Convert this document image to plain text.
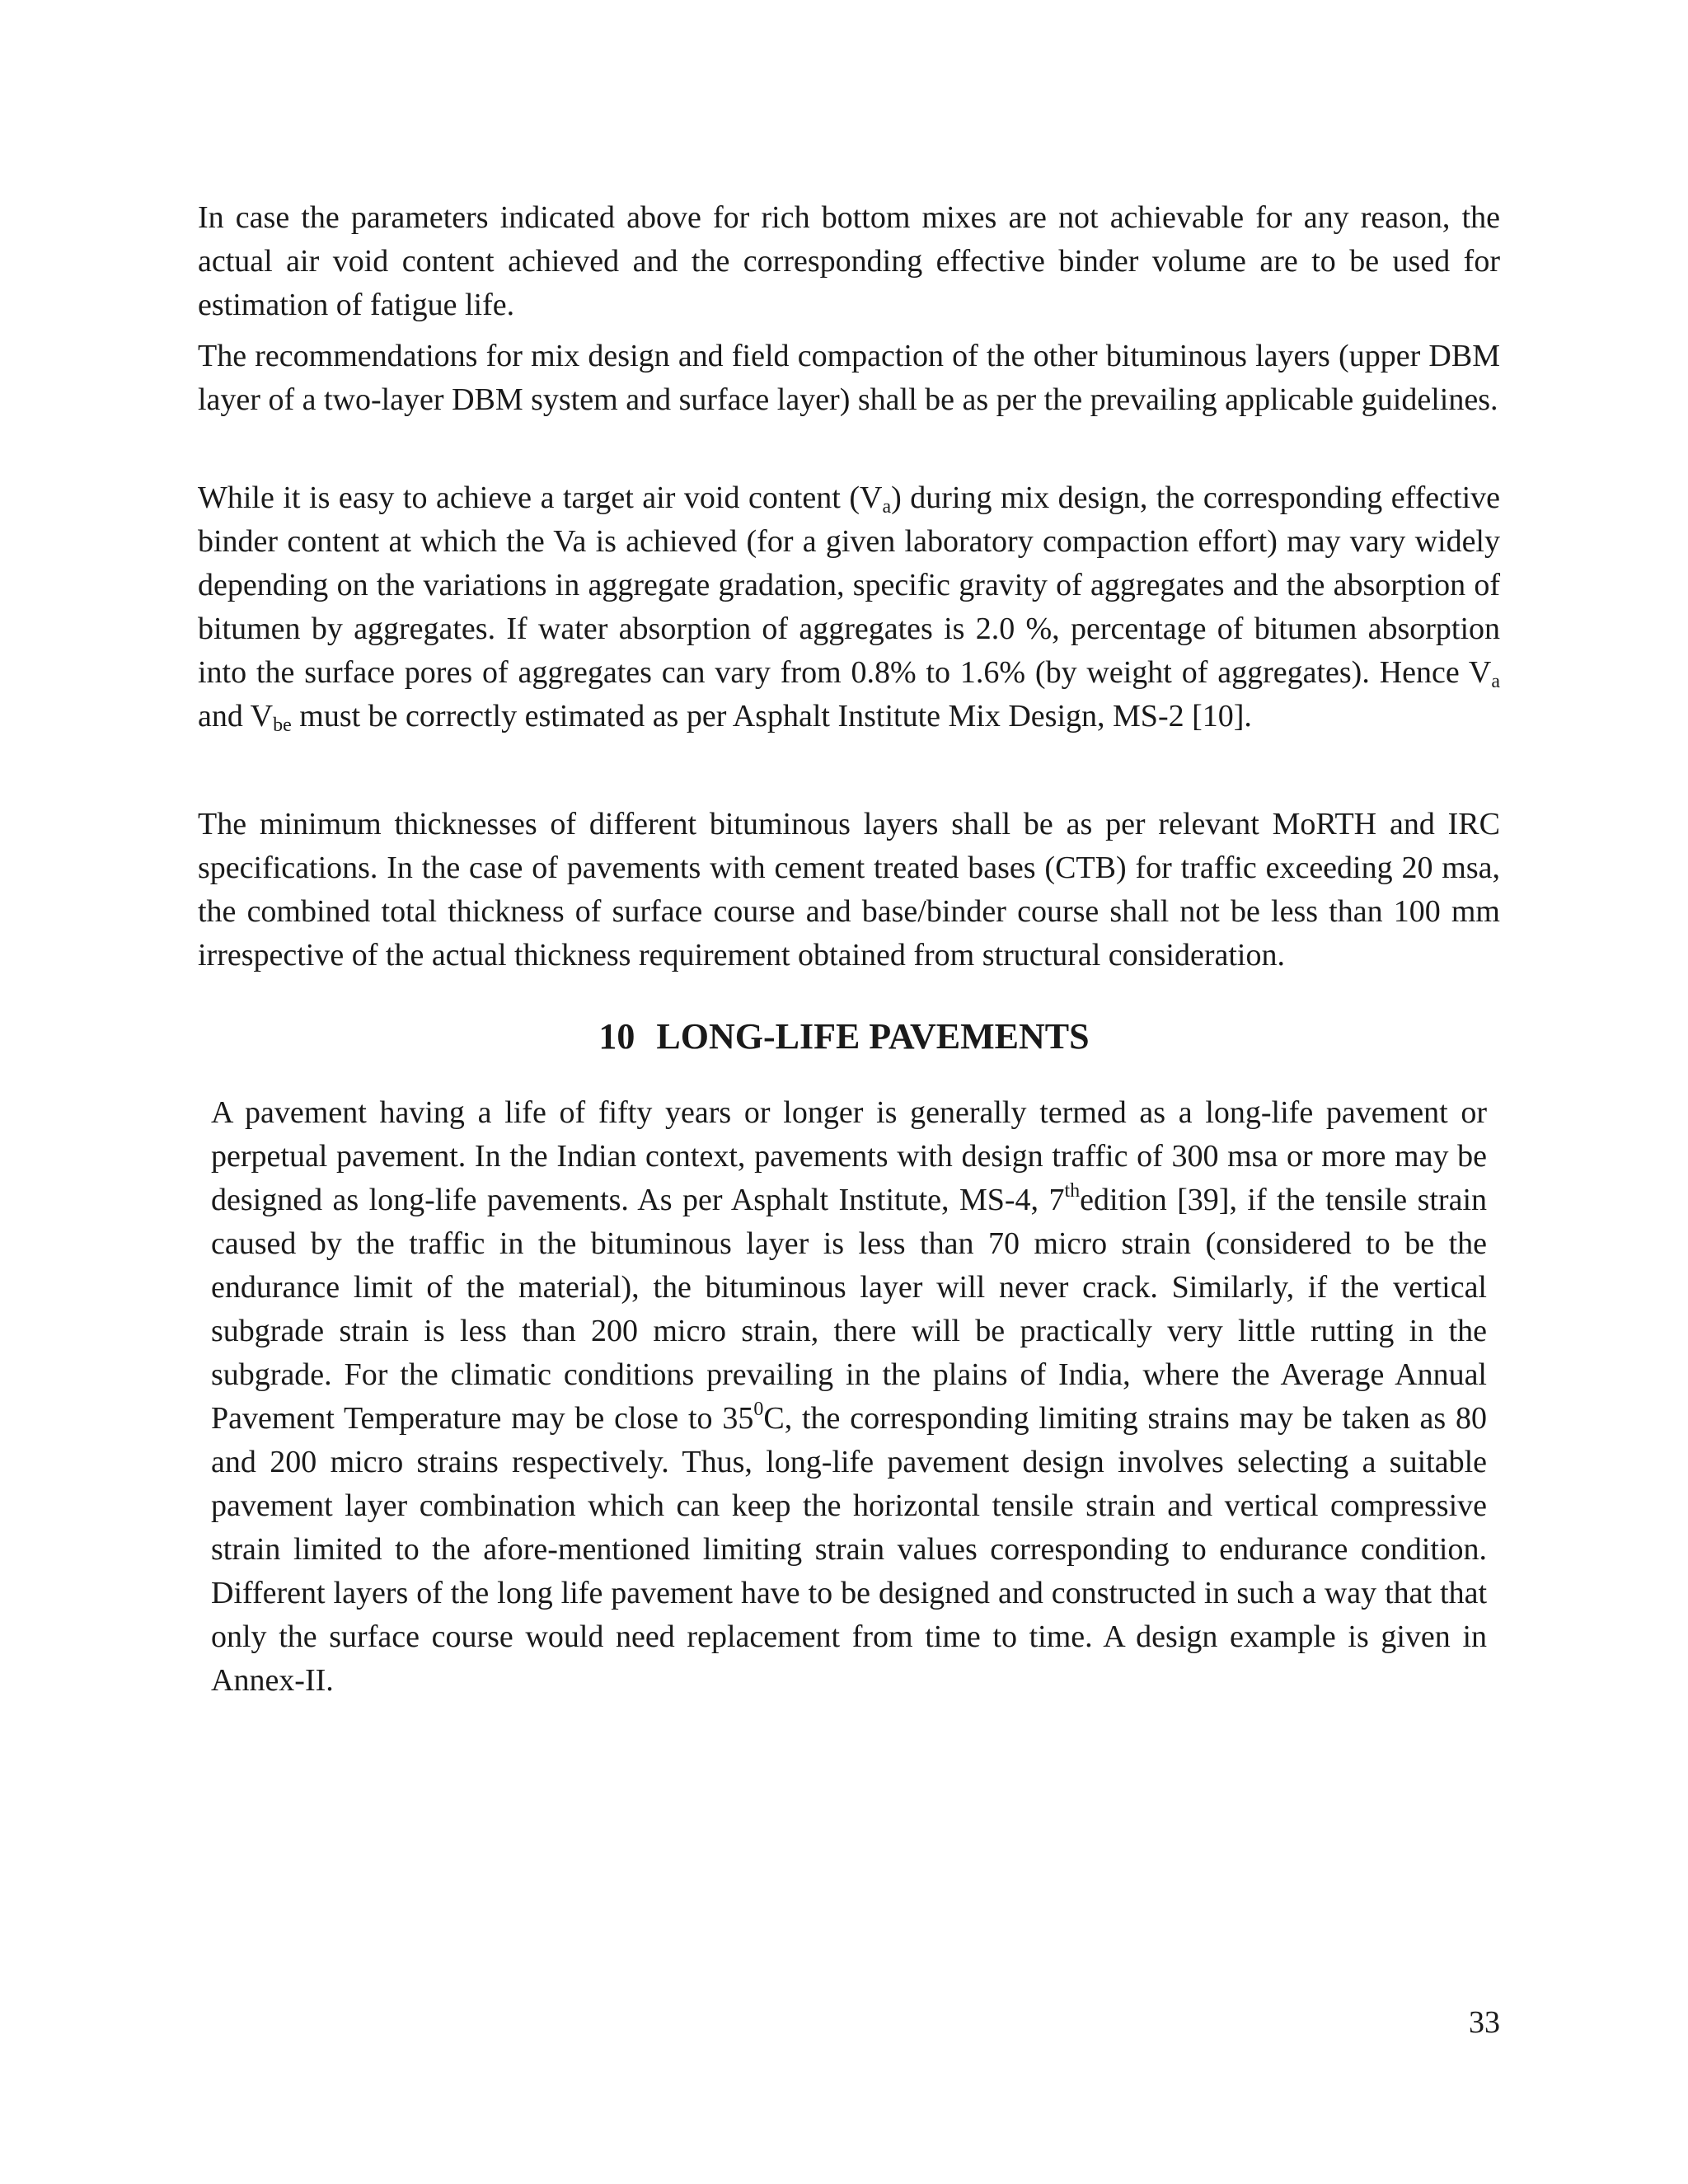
In case the parameters indicated above for rich bottom mixes are not achievable for any reason, the actual air void content achieved and the corresponding effective binder volume are to be used for estimation of fatigue life.

The recommendations for mix design and field compaction of the other bituminous layers (upper DBM layer of a two-layer DBM system and surface layer) shall be as per the prevailing applicable guidelines.

While it is easy to achieve a target air void content $(V_a)$ during mix design, the corresponding effective binder content at which the Va is achieved (for a given laboratory compaction effort) may vary widely depending on the variations in aggregate gradation, specific gravity of aggregates and the absorption of bitumen by aggregates. If water absorption of aggregates is 2.0 %, percentage of bitumen absorption into the surface pores of aggregates can vary from 0.8% to 1.6% (by weight of aggregates). Hence $V_a$ and $V_{be}$ must be correctly estimated as per Asphalt Institute Mix Design, MS-2 [10].

The minimum thicknesses of different bituminous layers shall be as per relevant MoRTH and IRC specifications. In the case of pavements with cement treated bases (CTB) for traffic exceeding 20 msa, the combined total thickness of surface course and base/binder course shall not be less than 100 mm irrespective of the actual thickness requirement obtained from structural consideration.

10 LONG-LIFE PAVEMENTS

A pavement having a life of fifty years or longer is generally termed as a long-life pavement or perpetual pavement. In the Indian context, pavements with design traffic of 300 msa or more may be designed as long-life pavements. As per Asphalt Institute, MS-4, 7thedition [39], if the tensile strain caused by the traffic in the bituminous layer is less than 70 micro strain (considered to be the endurance limit of the material), the bituminous layer will never crack. Similarly, if the vertical subgrade strain is less than 200 micro strain, there will be practically very little rutting in the subgrade. For the climatic conditions prevailing in the plains of India, where the Average Annual Pavement Temperature may be close to $35^0C$, the corresponding limiting strains may be taken as 80 and 200 micro strains respectively. Thus, long-life pavement design involves selecting a suitable pavement layer combination which can keep the horizontal tensile strain and vertical compressive strain limited to the afore-mentioned limiting strain values corresponding to endurance condition. Different layers of the long life pavement have to be designed and constructed in such a way that that only the surface course would need replacement from time to time. A design example is given in Annex-II.

33
